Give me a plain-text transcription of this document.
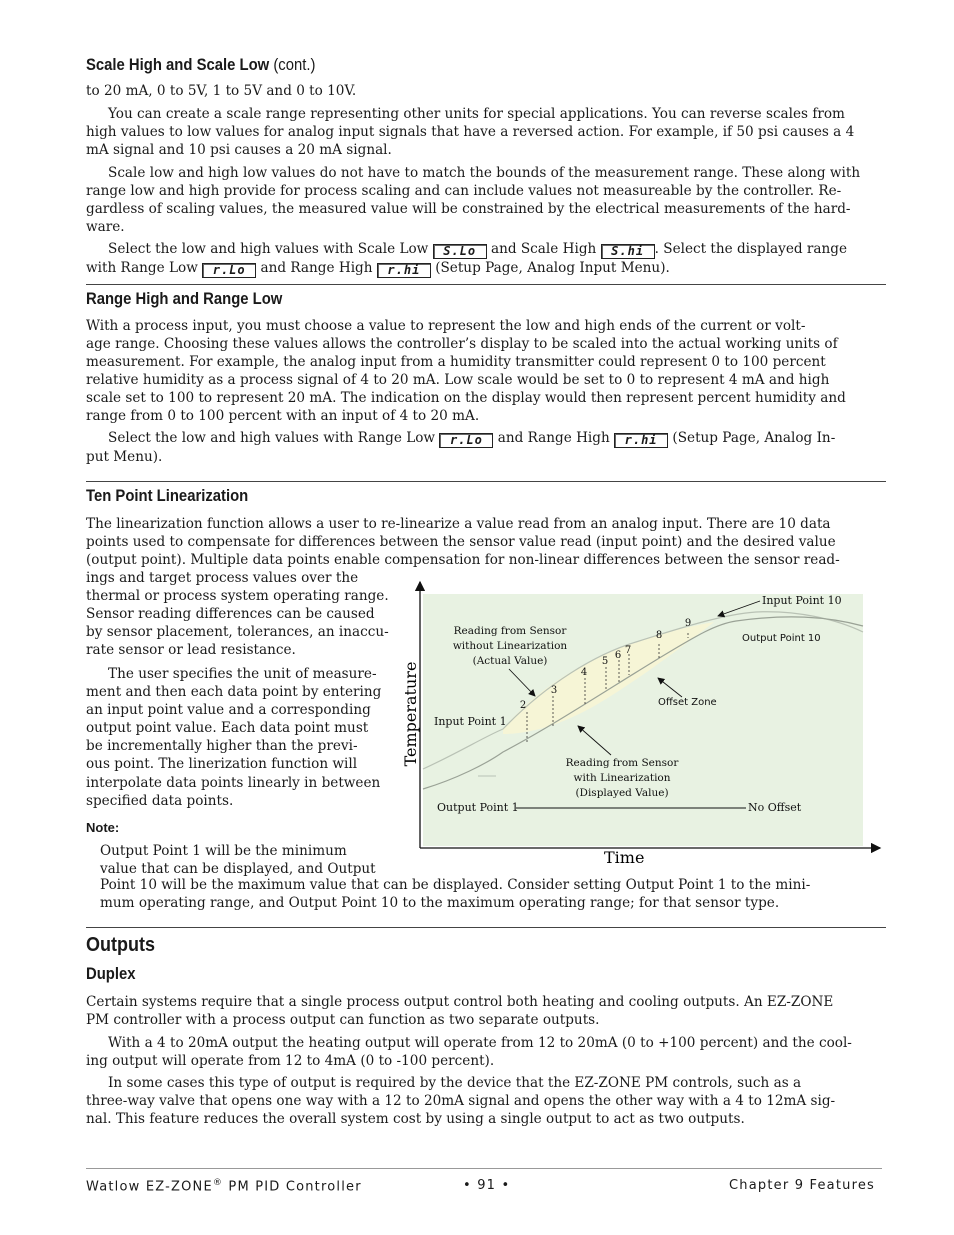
Scale High and Scale Low (cont.)
to 20 mA, 0 to 5V, 1 to 5V and 0 to 10V.
You can create a scale range representing other units for special applications. You can reverse scales from
high values to low values for analog input signals that have a reversed action. For example, if 50 psi causes a 4
mA signal and 10 psi causes a 20 mA signal.
Scale low and high low values do not have to match the bounds of the measurement range. These along with
range low and high provide for process scaling and can include values not measureable by the controller. Re-
gardless of scaling values, the measured value will be constrained by the electrical measurements of the hard-
ware.
Select the low and high values with Scale Low S.Lo and Scale High S.hi . Select the displayed range
with Range Low r.Lo and Range High r.hi (Setup Page, Analog Input Menu).
Range High and Range Low
With a process input, you must choose a value to represent the low and high ends of the current or volt-
age range. Choosing these values allows the controller’s display to be scaled into the actual working units of
measurement. For example, the analog input from a humidity transmitter could represent 0 to 100 percent
relative humidity as a process signal of 4 to 20 mA. Low scale would be set to 0 to represent 4 mA and high
scale set to 100 to represent 20 mA. The indication on the display would then represent percent humidity and
range from 0 to 100 percent with an input of 4 to 20 mA.
Select the low and high values with Range Low r.Lo and Range High r.hi (Setup Page, Analog In-
put Menu).
Ten Point Linearization
The linearization function allows a user to re-linearize a value read from an analog input. There are 10 data
points used to compensate for differences between the sensor value read (input point) and the desired value
(output point). Multiple data points enable compensation for non-linear differences between the sensor read-
ings and target process values over the
thermal or process system operating range.
Sensor reading differences can be caused
by sensor placement, tolerances, an inaccu-
rate sensor or lead resistance.
The user specifies the unit of measure-
ment and then each data point by entering
an input point value and a corresponding
output point value. Each data point must
be incrementally higher than the previ-
ous point. The linerization function will
interpolate data points linearly in between
specified data points.
Note:
Output Point 1 will be the minimum
value that can be displayed, and Output
Point 10 will be the maximum value that can be displayed. Consider setting Output Point 1 to the mini-
mum operating range, and Output Point 10 to the maximum operating range; for that sensor type.
Temperature
Time
Reading from Sensor
without Linearization
(Actual Value)
Reading from Sensor
with Linearization
(Displayed Value)
Input Point 1
Input Point 10
Output Point 1	No Offset
Output Point 10
Offset Zone
2
3
4
5
6 7
8
9
Outputs
Duplex
Certain systems require that a single process output control both heating and cooling outputs. An EZ-ZONE
PM controller with a process output can function as two separate outputs.
With a 4 to 20mA output the heating output will operate from 12 to 20mA (0 to +100 percent) and the cool-
ing output will operate from 12 to 4mA (0 to -100 percent).
In some cases this type of output is required by the device that the EZ-ZONE PM controls, such as a
three-way valve that opens one way with a 12 to 20mA signal and opens the other way with a 4 to 12mA sig-
nal. This feature reduces the overall system cost by using a single output to act as two outputs.
Watlow EZ-ZONE® PM PID Controller	• 91 •	Chapter 9 Features
